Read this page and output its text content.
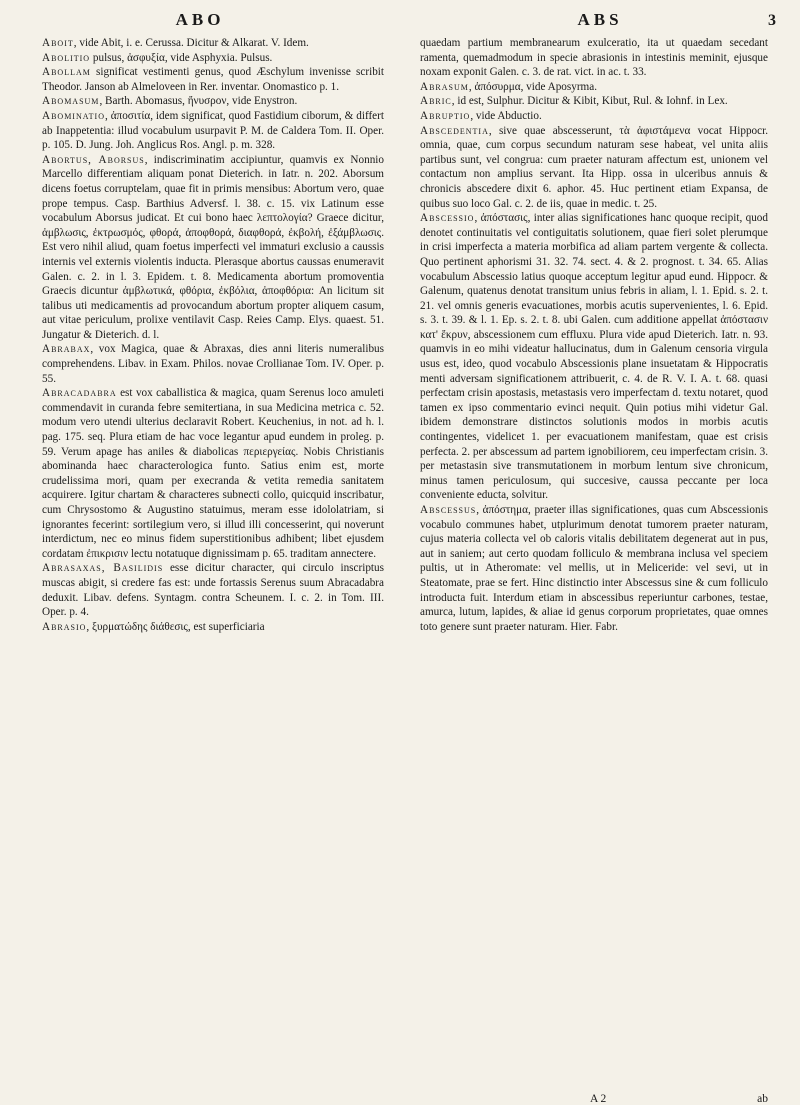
ABO	ABS	3

Aboit, vide Abit, i. e. Cerussa. Dicitur & Alkarat. V. Idem.

Abolitio pulsus, ἀσφυξία, vide Asphyxia. Pulsus.

Abollam significat vestimenti genus, quod Æschylum invenisse scribit Theodor. Janson ab Almeloveen in Rer. inventar. Onomastico p. 1.

Abomasum, Barth. Abomasus, ἤνυσρον, vide Enystron.

Abominatio, ἀποσιτία, idem significat, quod Fastidium ciborum, & differt ab Inappetentia: illud vocabulum usurpavit P. M. de Caldera Tom. II. Oper. p. 105. D. Jung. Joh. Anglicus Ros. Angl. p. m. 328.

Abortus, Aborsus, indiscriminatim accipiuntur, quamvis ex Nonnio Marcello differentiam aliquam ponat Dieterich. in Iatr. n. 202. Aborsum dicens foetus corruptelam, quae fit in primis mensibus: Abortum vero, quae prope tempus. Casp. Barthius Adversf. l. 38. c. 15. vix Latinum esse vocabulum Aborsus judicat. Et cui bono haec λεπτολογία? Graece dicitur, ἀμβλωσις, ἐκτρωσμός, φθορά, ἀποφθορά, διαφθορά, ἐκβολή, ἐξάμβλωσις. Est vero nihil aliud, quam foetus imperfecti vel immaturi exclusio a caussis internis vel externis violentis inducta. Plerasque abortus caussas enumeravit Galen. c. 2. in l. 3. Epidem. t. 8. Medicamenta abortum promoventia Graecis dicuntur ἀμβλωτικά, φθόρια, ἐκβόλια, ἀποφθόρια: An licitum sit talibus uti medicamentis ad provocandum abortum propter aliquem casum, aut vitae periculum, prolixe ventilavit Casp. Reies Camp. Elys. quaest. 51. Jungatur & Dieterich. d. l.

Abrabax, vox Magica, quae & Abraxas, dies anni literis numeralibus comprehendens. Libav. in Exam. Philos. novae Crollianae Tom. IV. Oper. p. 55.

Abracadabra est vox caballistica & magica, quam Serenus loco amuleti commendavit in curanda febre semitertiana, in sua Medicina metrica c. 52. modum vero utendi ulterius declaravit Robert. Keuchenius, in not. ad h. l. pag. 175. seq. Plura etiam de hac voce legantur apud eundem in proleg. p. 59. Verum apage has aniles & diabolicas περιεργείας. Nobis Christianis abominanda haec characterologica funto. Satius enim est, morte crudelissima mori, quam per execranda & vetita remedia sanitatem acquirere. Igitur chartam & characteres subnecti collo, quicquid inscribatur, cum Chrysostomo & Augustino statuimus, meram esse idololatriam, si ignorantes fecerint: sortilegium vero, si illud illi concesserint, qui noverunt interdictum, nec eo minus fidem superstitionibus adhibent; libet ejusdem cordatam ἐπικρισιν lectu notatuque dignissimam p. 65. traditam annectere.

Abrasaxas, Basilidis esse dicitur character, qui circulo inscriptus muscas abigit, si credere fas est: unde fortassis Serenus suum Abracadabra deduxit. Libav. defens. Syntagm. contra Scheunem. I. c. 2. in Tom. III. Oper. p. 4.

Abrasio, ξυρματώδης διάθεσις, est superficiaria

quaedam partium membranearum exulceratio, ita ut quaedam secedant ramenta, quemadmodum in specie abrasionis in intestinis meminit, ejusque noxam exponit Galen. c. 3. de rat. vict. in ac. t. 33.

Abrasum, ἀπόσυρμα, vide Aposyrma.

Abric, id est, Sulphur. Dicitur & Kibit, Kibut, Rul. & Iohnf. in Lex.

Abruptio, vide Abductio.

Abscedentia, sive quae abscesserunt, τὰ ἀφιστάμενα vocat Hippocr. omnia, quae, cum corpus secundum naturam sese habeat, vel unita aliis partibus sunt, vel congrua: cum praeter naturam affectum est, unionem vel contactum non amplius servant. Ita Hipp. ossa in ulceribus annuis & chronicis abscedere dixit 6. aphor. 45. Huc pertinent etiam Expansa, de quibus suo loco Gal. c. 2. de iis, quae in medic. t. 25.

Abscessio, ἀπόστασις, inter alias significationes hanc quoque recipit, quod denotet continuitatis vel contiguitatis solutionem, quae fieri solet plerumque in crisi imperfecta a materia morbifica ad aliam partem vergente & collecta. Quo pertinent aphorismi 31. 32. 74. sect. 4. & 2. prognost. t. 34. 65. Alias vocabulum Abscessio latius quoque acceptum legitur apud eund. Hippocr. & Galenum, quatenus denotat transitum unius febris in aliam, l. 1. Epid. s. 2. t. 21. vel omnis generis evacuationes, morbis acutis supervenientes, l. 6. Epid. s. 3. t. 39. & l. 1. Ep. s. 2. t. 8. ubi Galen. cum additione appellat ἀπόστασιν κατ' ἔκρυν, abscessionem cum effluxu. Plura vide apud Dieterich. Iatr. n. 93. quamvis in eo mihi videatur hallucinatus, dum in Galenum censoria virgula usus est, ideo, quod vocabulo Abscessionis plane insuetatam & Hippocratis menti adversam significationem attribuerit, c. 4. de R. V. I. A. t. 68. quasi perfectam crisin apostasis, metastasis vero imperfectam d. textu notaret, quod tamen ex ipso commentario evinci nequit. Quin potius mihi videtur Gal. ibidem demonstrare distinctos solutionis modos in morbis acutis contingentes, videlicet 1. per evacuationem manifestam, quae est crisis perfecta. 2. per abscessum ad partem ignobiliorem, ceu imperfectam crisin. 3. per metastasin sive transmutationem in morbum lentum sive chronicum, minus tamen periculosum, qui succesive, caussa peccante per loca conveniente educta, solvitur.

Abscessus, ἀπόστημα, praeter illas significationes, quas cum Abscessionis vocabulo communes habet, utplurimum denotat tumorem praeter naturam, cujus materia collecta vel ob caloris vitalis debilitatem degenerat aut in pus, aut in saniem; aut certo quodam folliculo & membrana inclusa vel speciem pultis, ut in Atheromate: vel mellis, ut in Meliceride: vel sevi, ut in Steatomate, prae se fert. Hinc distinctio inter Abscessus sine & cum folliculo introducta fuit. Interdum etiam in abscessibus reperiuntur carbones, testae, amurca, lutum, lapides, & aliae id genus corporum proprietates, quae omnes toto genere sunt praeter naturam. Hier. Fabr.

A 2	ab
